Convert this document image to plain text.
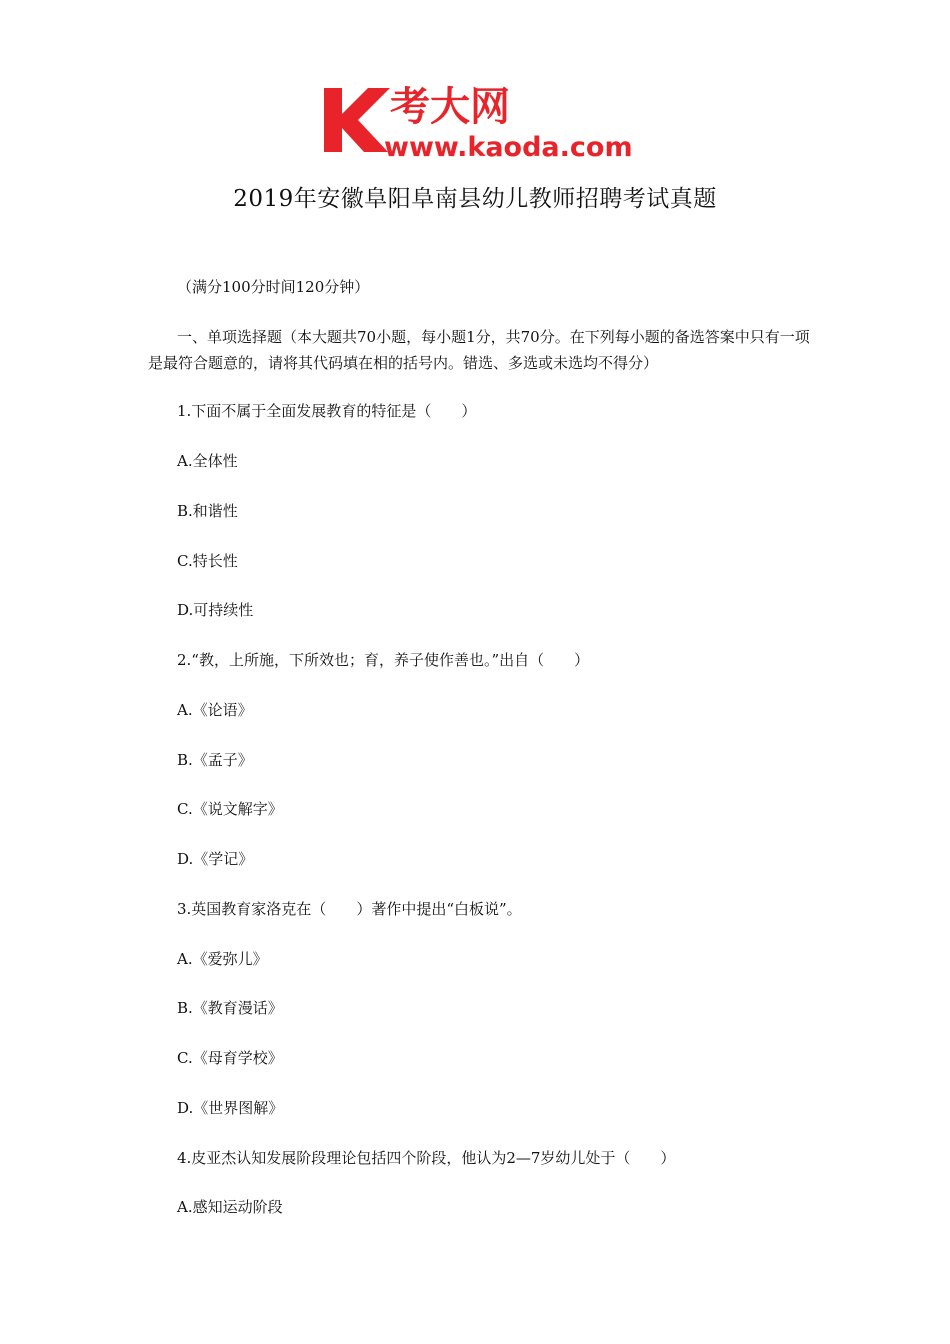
考大网
www.kaoda.com
2019年安徽阜阳阜南县幼儿教师招聘考试真题
（满分100分时间120分钟）
一、单项选择题（本大题共70小题，每小题1分，共70分。在下列每小题的备选答案中只有一项是最符合题意的，请将其代码填在相的括号内。错选、多选或未选均不得分）
1.下面不属于全面发展教育的特征是（　　）
A.全体性
B.和谐性
C.特长性
D.可持续性
2.“教，上所施，下所效也；育，养子使作善也。”出自（　　）
A.《论语》
B.《孟子》
C.《说文解字》
D.《学记》
3.英国教育家洛克在（　　）著作中提出“白板说”。
A.《爱弥儿》
B.《教育漫话》
C.《母育学校》
D.《世界图解》
4.皮亚杰认知发展阶段理论包括四个阶段，他认为2—7岁幼儿处于（　　）
A.感知运动阶段
